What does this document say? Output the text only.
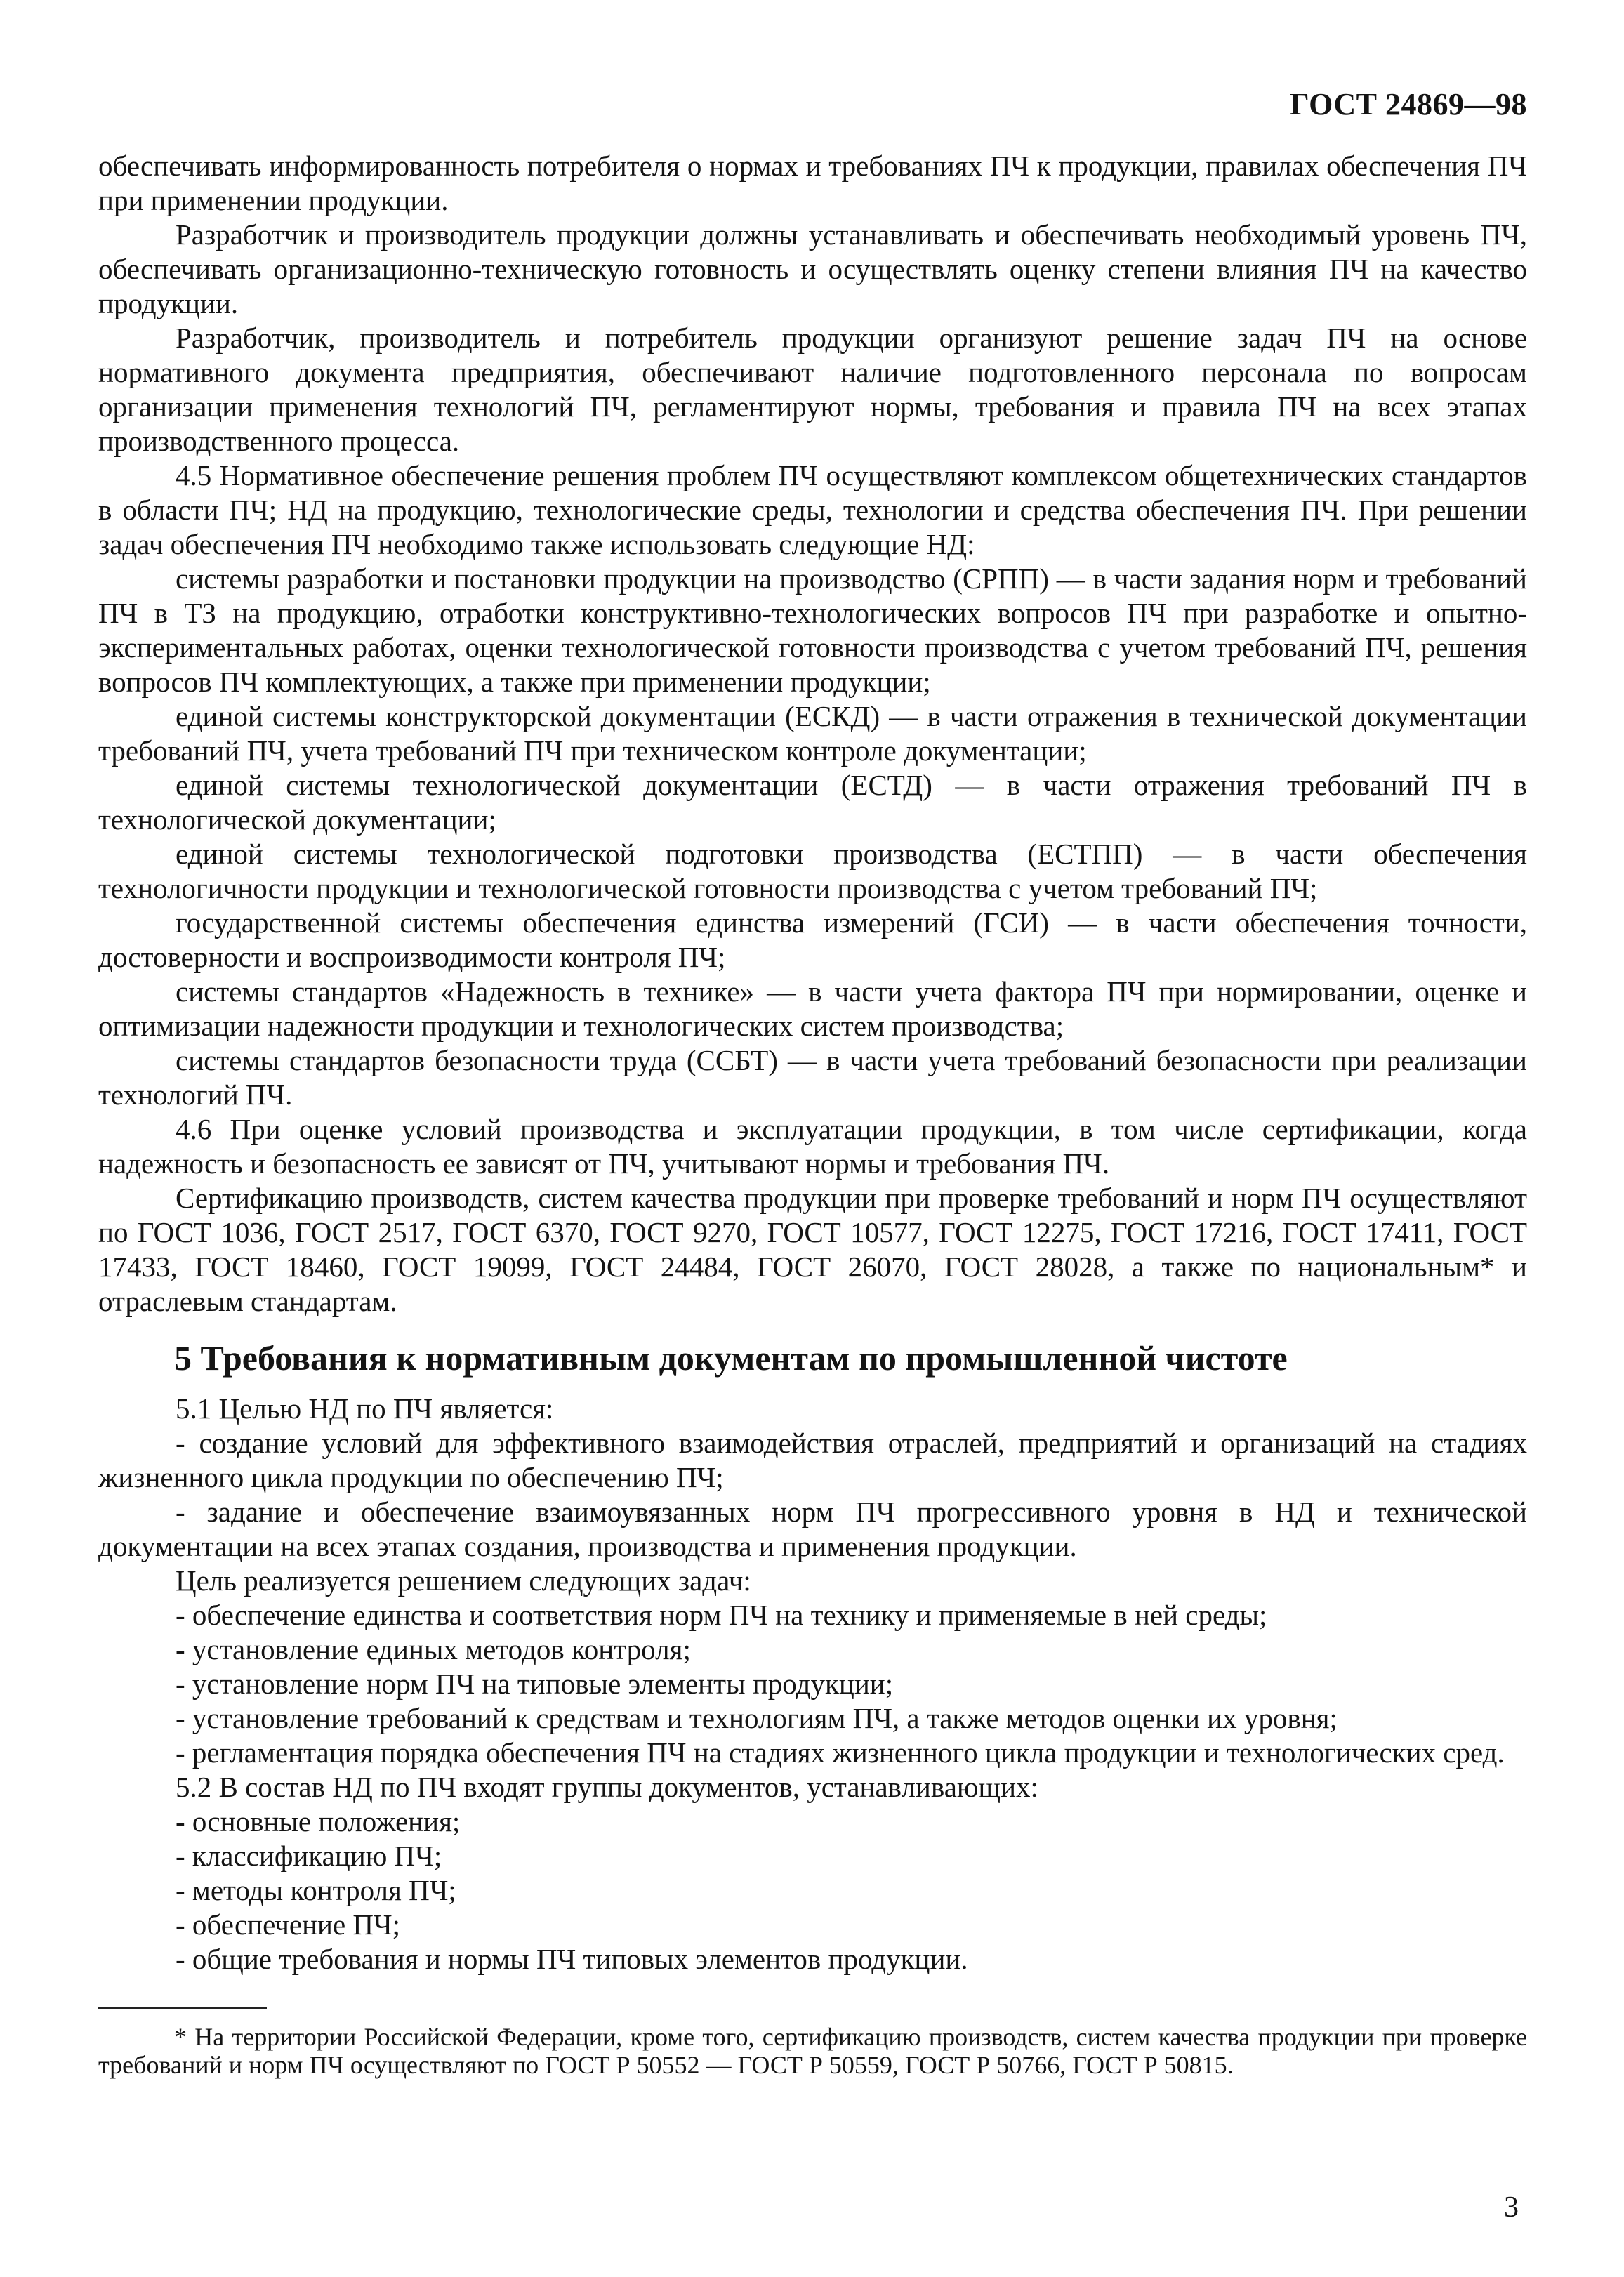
ГОСТ 24869—98

обеспечивать информированность потребителя о нормах и требованиях ПЧ к продукции, правилах обеспечения ПЧ при применении продукции.

Разработчик и производитель продукции должны устанавливать и обеспечивать необходимый уровень ПЧ, обеспечивать организационно-техническую готовность и осуществлять оценку степени влияния ПЧ на качество продукции.

Разработчик, производитель и потребитель продукции организуют решение задач ПЧ на основе нормативного документа предприятия, обеспечивают наличие подготовленного персонала по вопросам организации применения технологий ПЧ, регламентируют нормы, требования и правила ПЧ на всех этапах производственного процесса.

4.5 Нормативное обеспечение решения проблем ПЧ осуществляют комплексом общетехнических стандартов в области ПЧ; НД на продукцию, технологические среды, технологии и средства обеспечения ПЧ. При решении задач обеспечения ПЧ необходимо также использовать следующие НД:

системы разработки и постановки продукции на производство (СРПП) — в части задания норм и требований ПЧ в ТЗ на продукцию, отработки конструктивно-технологических вопросов ПЧ при разработке и опытно-экспериментальных работах, оценки технологической готовности производства с учетом требований ПЧ, решения вопросов ПЧ комплектующих, а также при применении продукции;

единой системы конструкторской документации (ЕСКД) — в части отражения в технической документации требований ПЧ, учета требований ПЧ при техническом контроле документации;

единой системы технологической документации (ЕСТД) — в части отражения требований ПЧ в технологической документации;

единой системы технологической подготовки производства (ЕСТПП) — в части обеспечения технологичности продукции и технологической готовности производства с учетом требований ПЧ;

государственной системы обеспечения единства измерений (ГСИ) — в части обеспечения точности, достоверности и воспроизводимости контроля ПЧ;

системы стандартов «Надежность в технике» — в части учета фактора ПЧ при нормировании, оценке и оптимизации надежности продукции и технологических систем производства;

системы стандартов безопасности труда (ССБТ) — в части учета требований безопасности при реализации технологий ПЧ.

4.6 При оценке условий производства и эксплуатации продукции, в том числе сертификации, когда надежность и безопасность ее зависят от ПЧ, учитывают нормы и требования ПЧ.

Сертификацию производств, систем качества продукции при проверке требований и норм ПЧ осуществляют по ГОСТ 1036, ГОСТ 2517, ГОСТ 6370, ГОСТ 9270, ГОСТ 10577, ГОСТ 12275, ГОСТ 17216, ГОСТ 17411, ГОСТ 17433, ГОСТ 18460, ГОСТ 19099, ГОСТ 24484, ГОСТ 26070, ГОСТ 28028, а также по национальным* и отраслевым стандартам.

5 Требования к нормативным документам по промышленной чистоте

5.1 Целью НД по ПЧ является:

- создание условий для эффективного взаимодействия отраслей, предприятий и организаций на стадиях жизненного цикла продукции по обеспечению ПЧ;

- задание и обеспечение взаимоувязанных норм ПЧ прогрессивного уровня в НД и технической документации на всех этапах создания, производства и применения продукции.

Цель реализуется решением следующих задач:

- обеспечение единства и соответствия норм ПЧ на технику и применяемые в ней среды;

- установление единых методов контроля;

- установление норм ПЧ на типовые элементы продукции;

- установление требований к средствам и технологиям ПЧ, а также методов оценки их уровня;

- регламентация порядка обеспечения ПЧ на стадиях жизненного цикла продукции и технологических сред.

5.2 В состав НД по ПЧ входят группы документов, устанавливающих:

- основные положения;

- классификацию ПЧ;

- методы контроля ПЧ;

- обеспечение ПЧ;

- общие требования и нормы ПЧ типовых элементов продукции.

* На территории Российской Федерации, кроме того, сертификацию производств, систем качества продукции при проверке требований и норм ПЧ осуществляют по ГОСТ Р 50552 — ГОСТ Р 50559, ГОСТ Р 50766, ГОСТ Р 50815.

3
